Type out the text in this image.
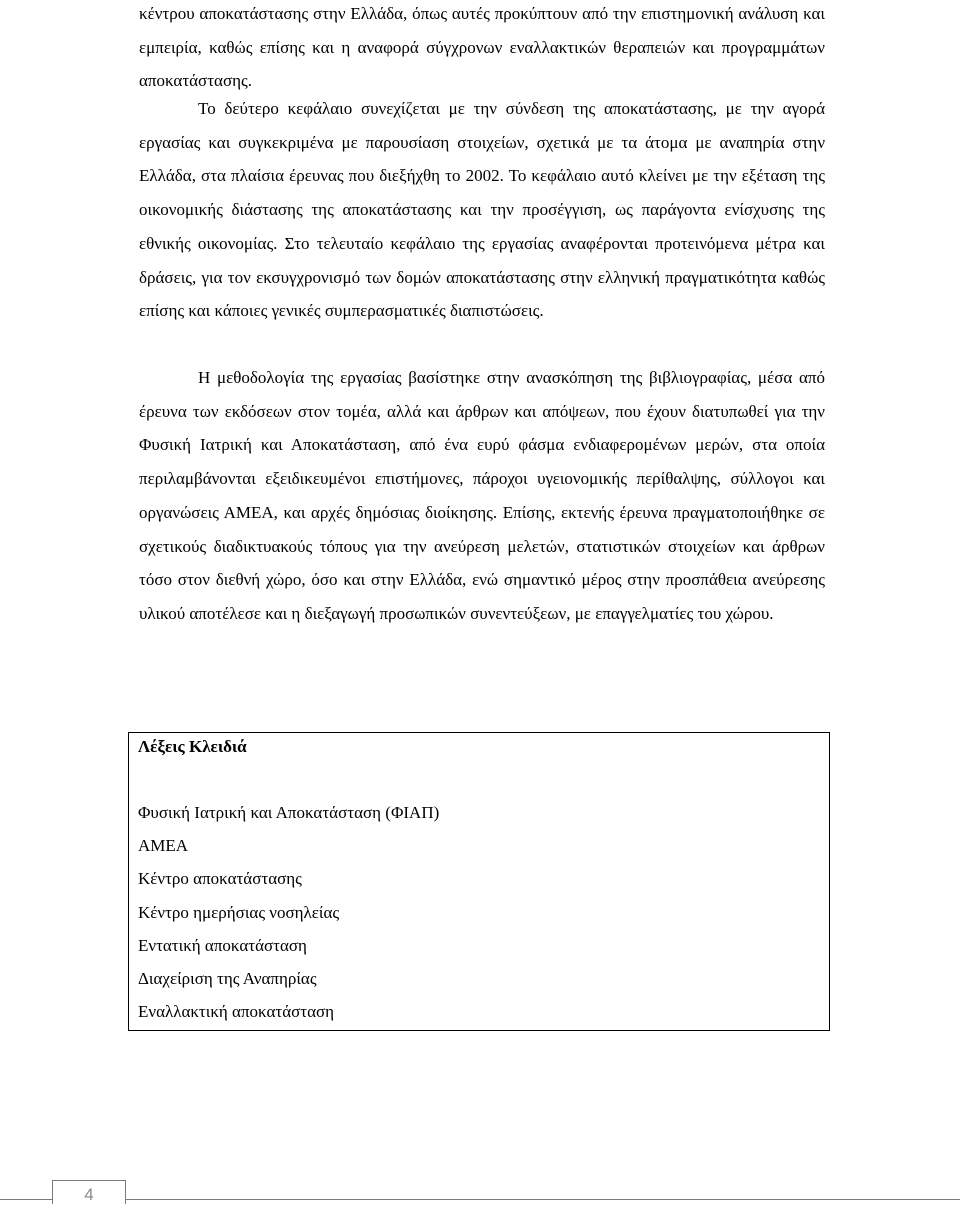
κέντρου αποκατάστασης στην Ελλάδα, όπως αυτές προκύπτουν από την επιστημονική ανάλυση και εμπειρία, καθώς επίσης και η αναφορά σύγχρονων εναλλακτικών θεραπειών και προγραμμάτων αποκατάστασης.

Το δεύτερο κεφάλαιο συνεχίζεται με την σύνδεση της αποκατάστασης, με την αγορά εργασίας και συγκεκριμένα με παρουσίαση στοιχείων, σχετικά με τα άτομα με αναπηρία στην Ελλάδα, στα πλαίσια έρευνας που διεξήχθη το 2002. Το κεφάλαιο αυτό κλείνει με την εξέταση της οικονομικής διάστασης της αποκατάστασης και την προσέγγιση, ως παράγοντα ενίσχυσης της εθνικής οικονομίας. Στο τελευταίο κεφάλαιο της εργασίας αναφέρονται προτεινόμενα μέτρα και δράσεις, για τον εκσυγχρονισμό των δομών αποκατάστασης στην ελληνική πραγματικότητα καθώς επίσης και κάποιες γενικές συμπερασματικές διαπιστώσεις.

Η μεθοδολογία της εργασίας βασίστηκε στην ανασκόπηση της βιβλιογραφίας, μέσα από έρευνα των εκδόσεων στον τομέα, αλλά και άρθρων και απόψεων, που έχουν διατυπωθεί για την Φυσική Ιατρική και Αποκατάσταση, από ένα ευρύ φάσμα ενδιαφερομένων μερών, στα οποία περιλαμβάνονται εξειδικευμένοι επιστήμονες, πάροχοι υγειονομικής περίθαλψης, σύλλογοι και οργανώσεις ΑΜΕΑ, και αρχές δημόσιας διοίκησης. Επίσης, εκτενής έρευνα πραγματοποιήθηκε σε σχετικούς διαδικτυακούς τόπους για την ανεύρεση μελετών, στατιστικών στοιχείων και άρθρων τόσο στον διεθνή χώρο, όσο και στην Ελλάδα, ενώ σημαντικό μέρος στην προσπάθεια ανεύρεσης υλικού αποτέλεσε και η διεξαγωγή προσωπικών συνεντεύξεων, με επαγγελματίες του χώρου.

Λέξεις Κλειδιά
Φυσική Ιατρική και Αποκατάσταση (ΦΙΑΠ)
ΑΜΕΑ
Κέντρο αποκατάστασης
Κέντρο ημερήσιας νοσηλείας
Εντατική αποκατάσταση
Διαχείριση της Αναπηρίας
Εναλλακτική αποκατάσταση
4
